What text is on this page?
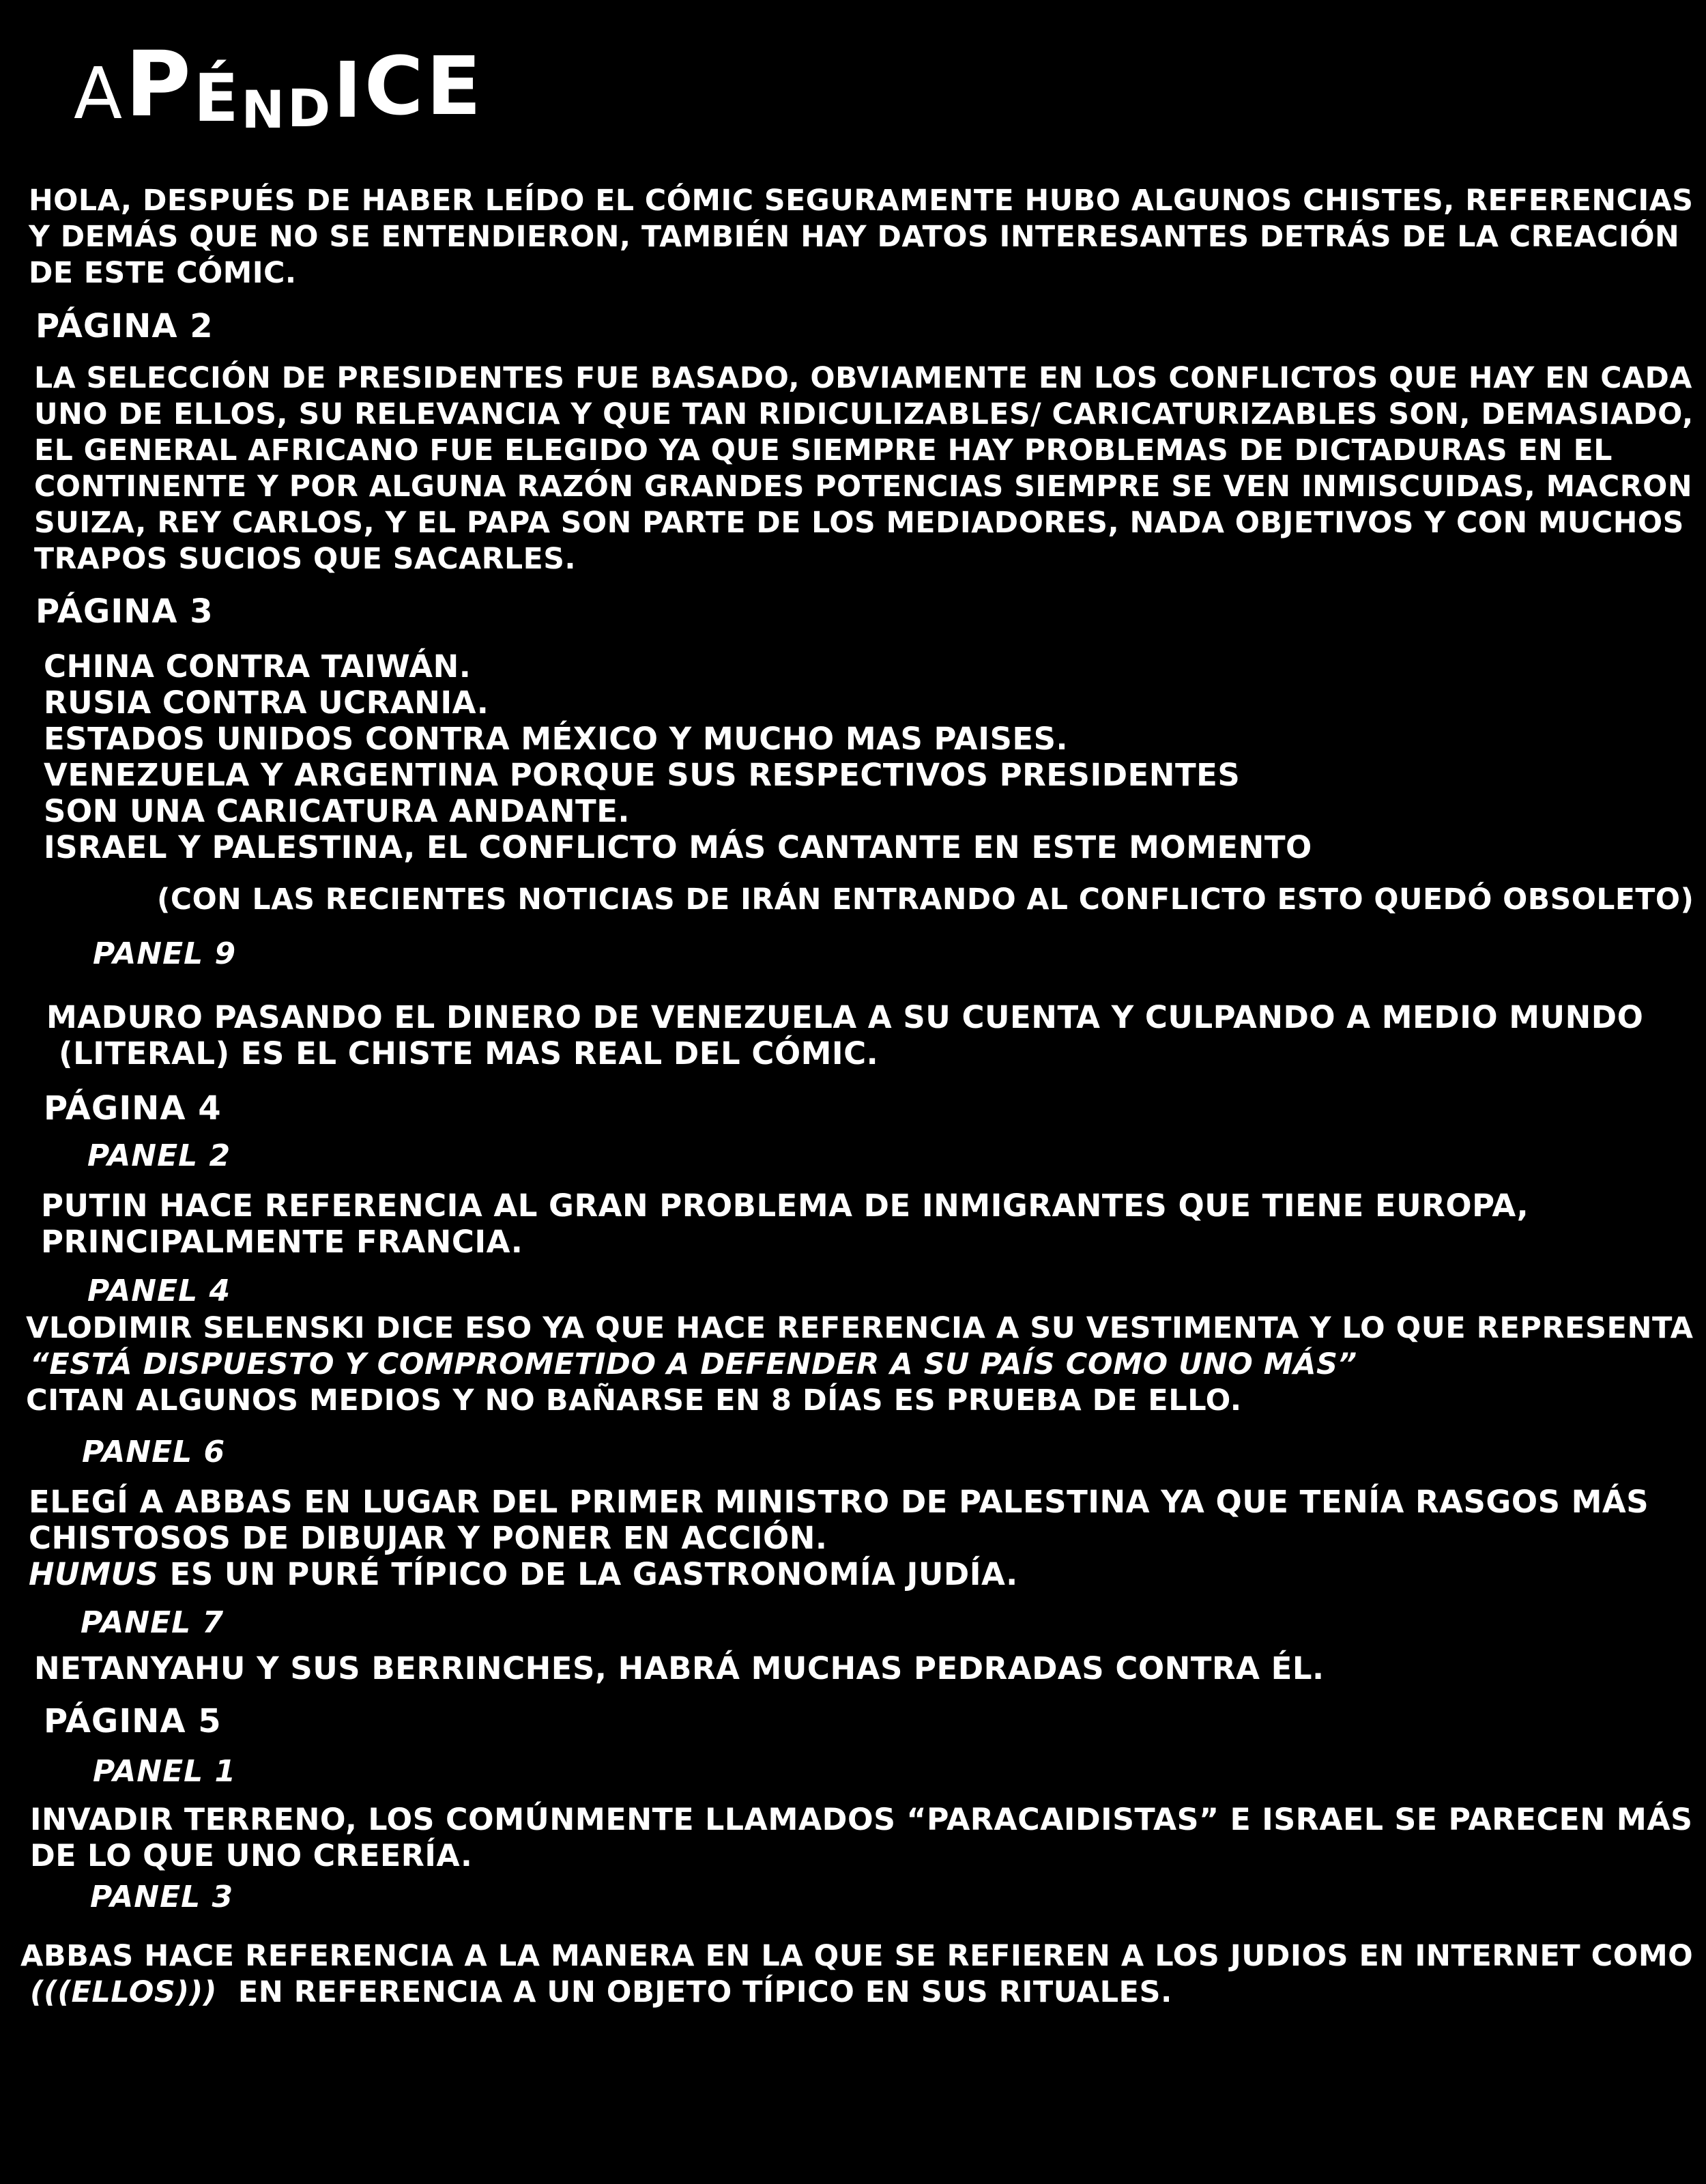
APÉNDICE
HOLA, DESPUÉS DE HABER LEÍDO EL CÓMIC SEGURAMENTE HUBO ALGUNOS CHISTES, REFERENCIAS
Y DEMÁS QUE NO SE ENTENDIERON, TAMBIÉN HAY DATOS INTERESANTES DETRÁS DE LA CREACIÓN
DE ESTE CÓMIC.
PÁGINA 2
LA SELECCIÓN DE PRESIDENTES FUE BASADO, OBVIAMENTE EN LOS CONFLICTOS QUE HAY EN CADA
UNO DE ELLOS, SU RELEVANCIA Y QUE TAN RIDICULIZABLES/ CARICATURIZABLES SON, DEMASIADO,
EL GENERAL AFRICANO FUE ELEGIDO YA QUE SIEMPRE HAY PROBLEMAS DE DICTADURAS EN EL
CONTINENTE Y POR ALGUNA RAZÓN GRANDES POTENCIAS SIEMPRE SE VEN INMISCUIDAS, MACRON
SUIZA, REY CARLOS, Y EL PAPA SON PARTE DE LOS MEDIADORES, NADA OBJETIVOS Y CON MUCHOS
TRAPOS SUCIOS QUE SACARLES.
PÁGINA 3
CHINA CONTRA TAIWÁN.
RUSIA CONTRA UCRANIA.
ESTADOS UNIDOS CONTRA MÉXICO Y MUCHO MAS PAISES.
VENEZUELA Y ARGENTINA PORQUE SUS RESPECTIVOS PRESIDENTES
SON UNA CARICATURA ANDANTE.
ISRAEL Y PALESTINA, EL CONFLICTO MÁS CANTANTE EN ESTE MOMENTO
(CON LAS RECIENTES NOTICIAS DE IRÁN ENTRANDO AL CONFLICTO ESTO QUEDÓ OBSOLETO)
PANEL 9
MADURO PASANDO EL DINERO DE VENEZUELA A SU CUENTA Y CULPANDO A MEDIO MUNDO
(LITERAL) ES EL CHISTE MAS REAL DEL CÓMIC.
PÁGINA 4
PANEL 2
PUTIN HACE REFERENCIA AL GRAN PROBLEMA DE INMIGRANTES QUE TIENE EUROPA,
PRINCIPALMENTE FRANCIA.
PANEL 4
VLODIMIR SELENSKI DICE ESO YA QUE HACE REFERENCIA A SU VESTIMENTA Y LO QUE REPRESENTA
“ESTÁ DISPUESTO Y COMPROMETIDO A DEFENDER A SU PAÍS COMO UNO MÁS”
CITAN ALGUNOS MEDIOS Y NO BAÑARSE EN 8 DÍAS ES PRUEBA DE ELLO.
PANEL 6
ELEGÍ A ABBAS EN LUGAR DEL PRIMER MINISTRO DE PALESTINA YA QUE TENÍA RASGOS MÁS
CHISTOSOS DE DIBUJAR Y PONER EN ACCIÓN.
HUMUS ES UN PURÉ TÍPICO DE LA GASTRONOMÍA JUDÍA.
PANEL 7
NETANYAHU Y SUS BERRINCHES, HABRÁ MUCHAS PEDRADAS CONTRA ÉL.
PÁGINA 5
PANEL 1
INVADIR TERRENO, LOS COMÚNMENTE LLAMADOS “PARACAIDISTAS” E ISRAEL SE PARECEN MÁS
DE LO QUE UNO CREERÍA.
PANEL 3
ABBAS HACE REFERENCIA A LA MANERA EN LA QUE SE REFIEREN A LOS JUDIOS EN INTERNET COMO
(((ELLOS))) EN REFERENCIA A UN OBJETO TÍPICO EN SUS RITUALES.
